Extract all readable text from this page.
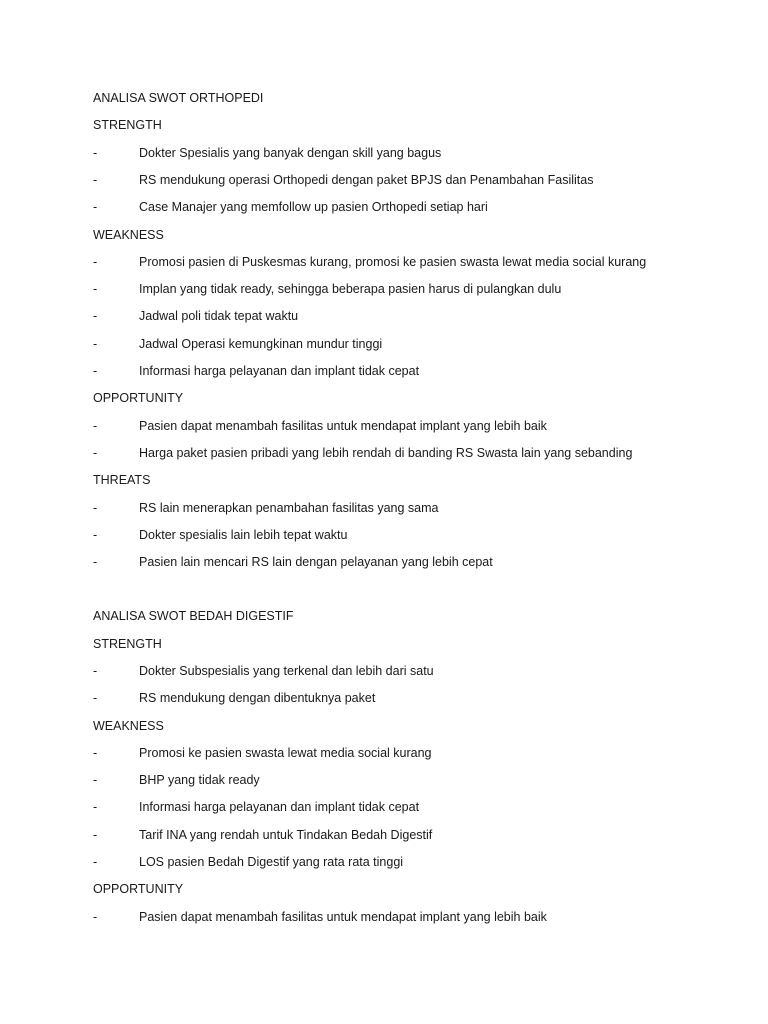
ANALISA SWOT ORTHOPEDI
STRENGTH
-	Dokter Spesialis yang banyak dengan skill yang bagus
-	RS mendukung operasi Orthopedi dengan paket BPJS dan Penambahan Fasilitas
-	Case Manajer yang memfollow up pasien Orthopedi setiap hari
WEAKNESS
-	Promosi pasien di Puskesmas kurang, promosi ke pasien swasta lewat media social kurang
-	Implan yang tidak ready, sehingga beberapa pasien harus di pulangkan dulu
-	Jadwal poli tidak tepat waktu
-	Jadwal Operasi kemungkinan mundur tinggi
-	Informasi harga pelayanan dan implant tidak cepat
OPPORTUNITY
-	Pasien dapat menambah fasilitas untuk mendapat implant yang lebih baik
-	Harga paket pasien pribadi yang lebih rendah di banding RS Swasta lain yang sebanding
THREATS
-	RS lain menerapkan penambahan fasilitas yang sama
-	Dokter spesialis lain lebih tepat waktu
-	Pasien lain mencari RS lain dengan pelayanan yang lebih cepat
ANALISA SWOT BEDAH DIGESTIF
STRENGTH
-	Dokter Subspesialis yang terkenal dan lebih dari satu
-	RS mendukung dengan dibentuknya paket
WEAKNESS
-	Promosi ke pasien swasta lewat media social kurang
-	BHP yang tidak ready
-	Informasi harga pelayanan dan implant tidak cepat
-	Tarif INA yang rendah untuk Tindakan Bedah Digestif
-	LOS pasien Bedah Digestif yang rata rata tinggi
OPPORTUNITY
-	Pasien dapat menambah fasilitas untuk mendapat implant yang lebih baik
